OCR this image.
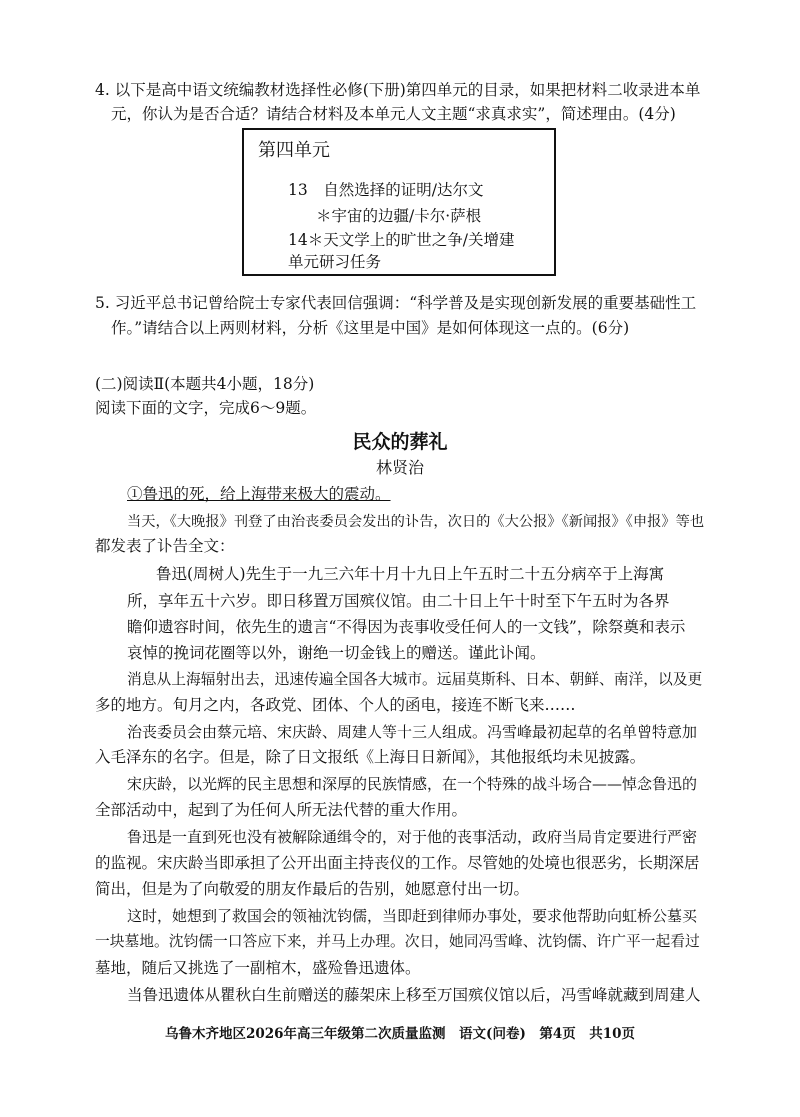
4. 以下是高中语文统编教材选择性必修(下册)第四单元的目录，如果把材料二收录进本单
元，你认为是否合适？请结合材料及本单元人文主题“求真求实”，简述理由。(4分)
第四单元
13　自然选择的证明/达尔文
＊宇宙的边疆/卡尔·萨根
14＊天文学上的旷世之争/关增建
单元研习任务
5. 习近平总书记曾给院士专家代表回信强调：“科学普及是实现创新发展的重要基础性工
作。”请结合以上两则材料，分析《这里是中国》是如何体现这一点的。(6分)
(二)阅读Ⅱ(本题共4小题，18分)
阅读下面的文字，完成6～9题。
民众的葬礼
林贤治
①鲁迅的死，给上海带来极大的震动。
当天，《大晚报》刊登了由治丧委员会发出的讣告，次日的《大公报》《新闻报》《申报》等也
都发表了讣告全文：
鲁迅(周树人)先生于一九三六年十月十九日上午五时二十五分病卒于上海寓
所，享年五十六岁。即日移置万国殡仪馆。由二十日上午十时至下午五时为各界
瞻仰遗容时间，依先生的遗言“不得因为丧事收受任何人的一文钱”，除祭奠和表示
哀悼的挽词花圈等以外，谢绝一切金钱上的赠送。谨此讣闻。
消息从上海辐射出去，迅速传遍全国各大城市。远届莫斯科、日本、朝鲜、南洋，以及更
多的地方。旬月之内，各政党、团体、个人的函电，接连不断飞来……
治丧委员会由蔡元培、宋庆龄、周建人等十三人组成。冯雪峰最初起草的名单曾特意加
入毛泽东的名字。但是，除了日文报纸《上海日日新闻》，其他报纸均未见披露。
宋庆龄，以光辉的民主思想和深厚的民族情感，在一个特殊的战斗场合——悼念鲁迅的
全部活动中，起到了为任何人所无法代替的重大作用。
鲁迅是一直到死也没有被解除通缉令的，对于他的丧事活动，政府当局肯定要进行严密
的监视。宋庆龄当即承担了公开出面主持丧仪的工作。尽管她的处境也很恶劣，长期深居
简出，但是为了向敬爱的朋友作最后的告别，她愿意付出一切。
这时，她想到了救国会的领袖沈钧儒，当即赶到律师办事处，要求他帮助向虹桥公墓买
一块墓地。沈钧儒一口答应下来，并马上办理。次日，她同冯雪峰、沈钧儒、许广平一起看过
墓地，随后又挑选了一副棺木，盛殓鲁迅遗体。
当鲁迅遗体从瞿秋白生前赠送的藤架床上移至万国殡仪馆以后，冯雪峰就藏到周建人
乌鲁木齐地区2026年高三年级第二次质量监测　语文(问卷)　第4页　共10页
